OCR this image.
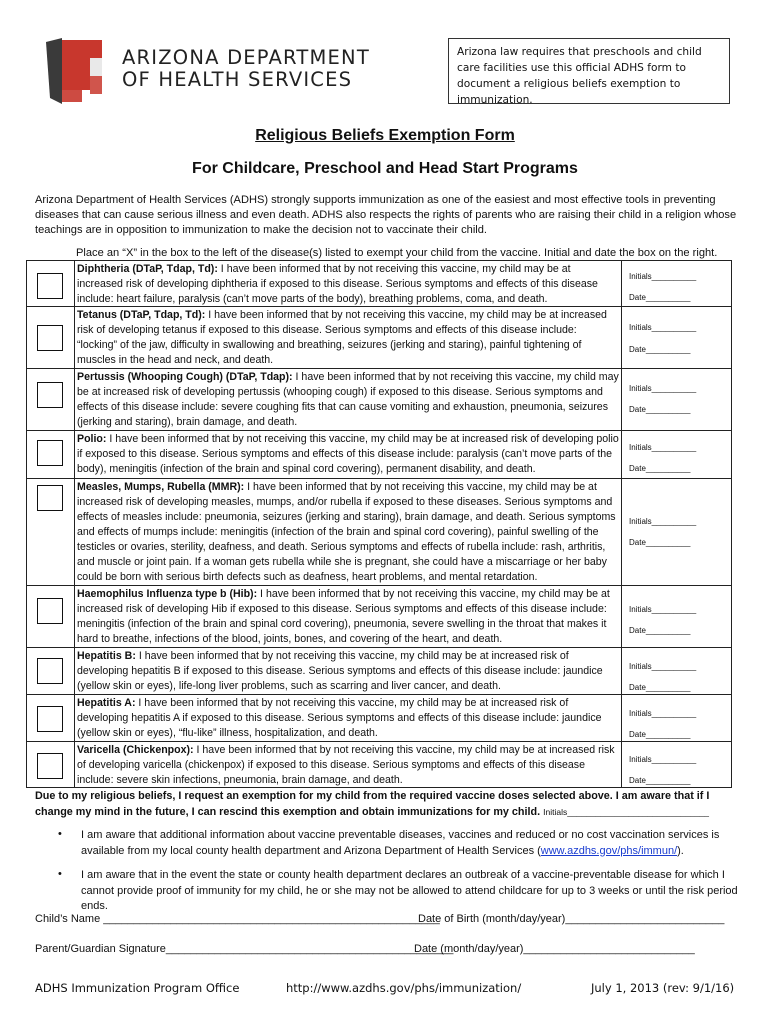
ARIZONA DEPARTMENT
OF HEALTH SERVICES
Arizona law requires that preschools and child care facilities use this official ADHS form to document a religious beliefs exemption to immunization.
Religious Beliefs Exemption Form
For Childcare, Preschool and Head Start Programs
Arizona Department of Health Services (ADHS) strongly supports immunization as one of the easiest and most effective tools in preventing diseases that can cause serious illness and even death. ADHS also respects the rights of parents who are raising their child in a religion whose teachings are in opposition to immunization to make the decision not to vaccinate their child.
Place an “X” in the box to the left of the disease(s) listed to exempt your child from the vaccine. Initial and date the box on the right.
Diphtheria (DTaP, Tdap, Td): I have been informed that by not receiving this vaccine, my child may be at increased risk of developing diphtheria if exposed to this disease. Serious symptoms and effects of this disease include: heart failure, paralysis (can’t move parts of the body), breathing problems, coma, and death.
Initials__________
Date__________
Tetanus (DTaP, Tdap, Td): I have been informed that by not receiving this vaccine, my child may be at increased risk of developing tetanus if exposed to this disease. Serious symptoms and effects of this disease include: “locking” of the jaw, difficulty in swallowing and breathing, seizures (jerking and staring), painful tightening of muscles in the head and neck, and death.
Initials__________
Date__________
Pertussis (Whooping Cough) (DTaP, Tdap): I have been informed that by not receiving this vaccine, my child may be at increased risk of developing pertussis (whooping cough) if exposed to this disease. Serious symptoms and effects of this disease include: severe coughing fits that can cause vomiting and exhaustion, pneumonia, seizures (jerking and staring), brain damage, and death.
Initials__________
Date__________
Polio: I have been informed that by not receiving this vaccine, my child may be at increased risk of developing polio if exposed to this disease. Serious symptoms and effects of this disease include: paralysis (can’t move parts of the body), meningitis (infection of the brain and spinal cord covering), permanent disability, and death.
Initials__________
Date__________
Measles, Mumps, Rubella (MMR): I have been informed that by not receiving this vaccine, my child may be at increased risk of developing measles, mumps, and/or rubella if exposed to these diseases. Serious symptoms and effects of measles include: pneumonia, seizures (jerking and staring), brain damage, and death. Serious symptoms and effects of mumps include: meningitis (infection of the brain and spinal cord covering), painful swelling of the testicles or ovaries, sterility, deafness, and death. Serious symptoms and effects of rubella include: rash, arthritis, and muscle or joint pain. If a woman gets rubella while she is pregnant, she could have a miscarriage or her baby could be born with serious birth defects such as deafness, heart problems, and mental retardation.
Initials__________
Date__________
Haemophilus Influenza type b (Hib): I have been informed that by not receiving this vaccine, my child may be at increased risk of developing Hib if exposed to this disease. Serious symptoms and effects of this disease include: meningitis (infection of the brain and spinal cord covering), pneumonia, severe swelling in the throat that makes it hard to breathe, infections of the blood, joints, bones, and covering of the heart, and death.
Initials__________
Date__________
Hepatitis B: I have been informed that by not receiving this vaccine, my child may be at increased risk of developing hepatitis B if exposed to this disease. Serious symptoms and effects of this disease include: jaundice (yellow skin or eyes), life-long liver problems, such as scarring and liver cancer, and death.
Initials__________
Date__________
Hepatitis A: I have been informed that by not receiving this vaccine, my child may be at increased risk of developing hepatitis A if exposed to this disease. Serious symptoms and effects of this disease include: jaundice (yellow skin or eyes), “flu-like” illness, hospitalization, and death.
Initials__________
Date__________
Varicella (Chickenpox): I have been informed that by not receiving this vaccine, my child may be at increased risk of developing varicella (chickenpox) if exposed to this disease. Serious symptoms and effects of this disease include: severe skin infections, pneumonia, brain damage, and death.
Initials__________
Date__________
Due to my religious beliefs, I request an exemption for my child from the required vaccine doses selected above. I am aware that if I change my mind in the future, I can rescind this exemption and obtain immunizations for my child. Initials______________________________
• I am aware that additional information about vaccine preventable diseases, vaccines and reduced or no cost vaccination services is available from my local county health department and Arizona Department of Health Services (www.azdhs.gov/phs/immun/).
• I am aware that in the event the state or county health department declares an outbreak of a vaccine-preventable disease for which I cannot provide proof of immunity for my child, he or she may not be allowed to attend childcare for up to 3 weeks or until the risk period ends.
Child’s Name _______________________________________________________
Date of Birth (month/day/year)__________________________
Parent/Guardian Signature_______________________________________________
Date (month/day/year)____________________________
ADHS Immunization Program Office	http://www.azdhs.gov/phs/immunization/	July 1, 2013 (rev: 9/1/16)
